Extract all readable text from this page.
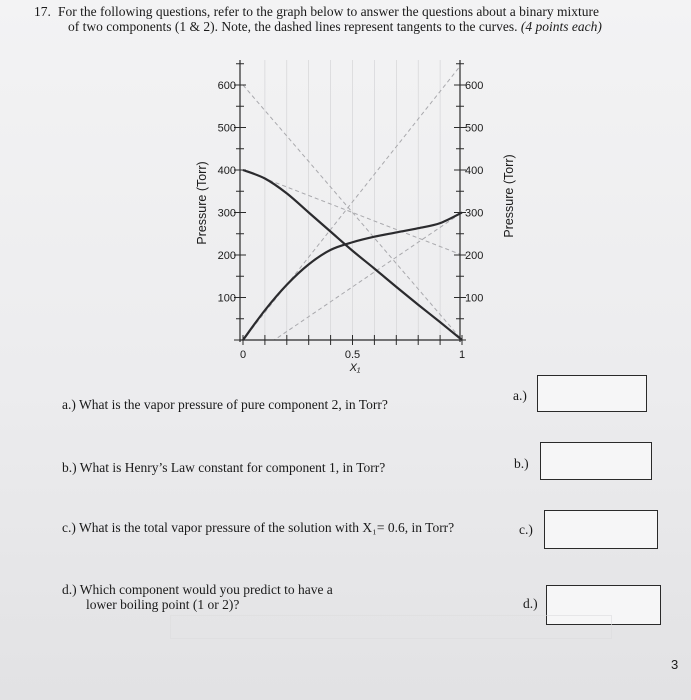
17. For the following questions, refer to the graph below to answer the questions about a binary mixture
of two components (1 & 2). Note, the dashed lines represent tangents to the curves. (4 points each)
100
200
300
400
500
600
100
200
300
400
500
600
0	0.5	1
Pressure (Torr)	Pressure (Torr)
X₁
a.) What is the vapor pressure of pure component 2, in Torr?
a.)
b.) What is Henry’s Law constant for component 1, in Torr?	b.)
c.) What is the total vapor pressure of the solution with X₁= 0.6, in Torr?	c.)
d.) Which component would you predict to have a
lower boiling point (1 or 2)?	d.)
3
